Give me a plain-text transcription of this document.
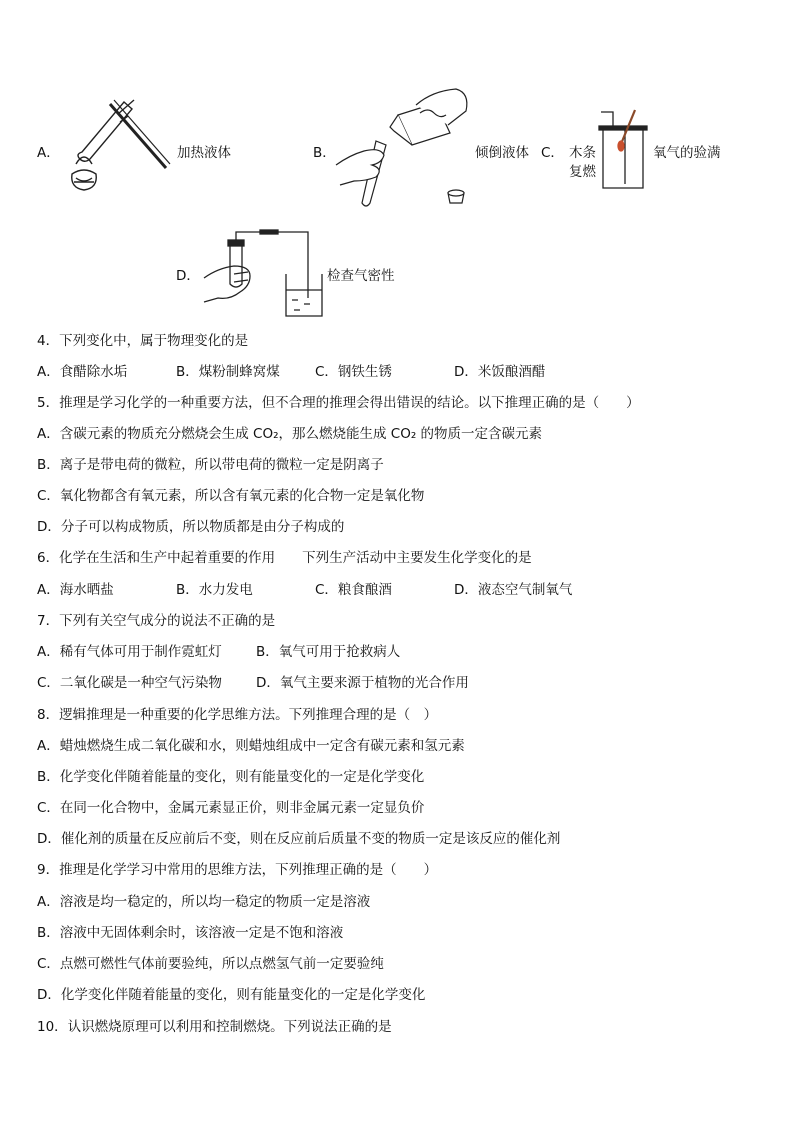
A．	加热液体	B．	倾倒液体 C． 木条
复燃
氧气的验满
D．	检查气密性
4．下列变化中，属于物理变化的是
A．食醋除水垢	B．煤粉制蜂窝煤	C．钢铁生锈	D．米饭酿酒醋
5．推理是学习化学的一种重要方法，但不合理的推理会得出错误的结论。以下推理正确的是（　　）
A．含碳元素的物质充分燃烧会生成 CO₂，那么燃烧能生成 CO₂ 的物质一定含碳元素
B．离子是带电荷的微粒，所以带电荷的微粒一定是阴离子
C．氧化物都含有氧元素，所以含有氧元素的化合物一定是氧化物
D．分子可以构成物质，所以物质都是由分子构成的
6．化学在生活和生产中起着重要的作用　　下列生产活动中主要发生化学变化的是
A．海水晒盐	B．水力发电	C．粮食酿酒	D．液态空气制氧气
7．下列有关空气成分的说法不正确的是
A．稀有气体可用于制作霓虹灯	B．氧气可用于抢救病人
C．二氧化碳是一种空气污染物	D．氧气主要来源于植物的光合作用
8．逻辑推理是一种重要的化学思维方法。下列推理合理的是（　）
A．蜡烛燃烧生成二氧化碳和水，则蜡烛组成中一定含有碳元素和氢元素
B．化学变化伴随着能量的变化，则有能量变化的一定是化学变化
C．在同一化合物中，金属元素显正价，则非金属元素一定显负价
D．催化剂的质量在反应前后不变，则在反应前后质量不变的物质一定是该反应的催化剂
9．推理是化学学习中常用的思维方法，下列推理正确的是（　　）
A．溶液是均一稳定的，所以均一稳定的物质一定是溶液
B．溶液中无固体剩余时，该溶液一定是不饱和溶液
C．点燃可燃性气体前要验纯，所以点燃氢气前一定要验纯
D．化学变化伴随着能量的变化，则有能量变化的一定是化学变化
10．认识燃烧原理可以利用和控制燃烧。下列说法正确的是
